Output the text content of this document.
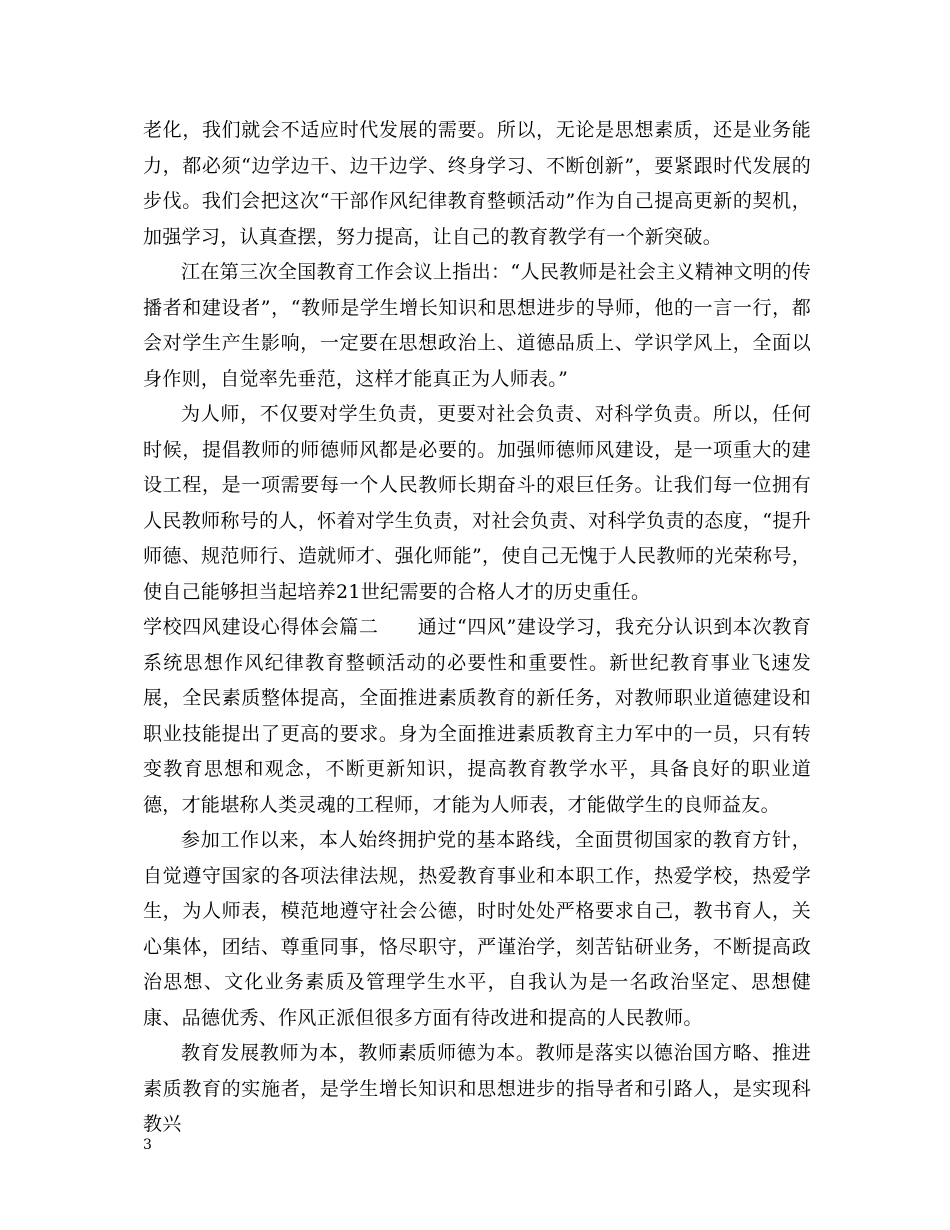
老化，我们就会不适应时代发展的需要。所以，无论是思想素质，还是业务能力，都必须“边学边干、边干边学、终身学习、不断创新”，要紧跟时代发展的步伐。我们会把这次“干部作风纪律教育整顿活动”作为自己提高更新的契机，加强学习，认真查摆，努力提高，让自己的教育教学有一个新突破。

江在第三次全国教育工作会议上指出：“人民教师是社会主义精神文明的传播者和建设者”，“教师是学生增长知识和思想进步的导师，他的一言一行，都会对学生产生影响，一定要在思想政治上、道德品质上、学识学风上，全面以身作则，自觉率先垂范，这样才能真正为人师表。”

为人师，不仅要对学生负责，更要对社会负责、对科学负责。所以，任何时候，提倡教师的师德师风都是必要的。加强师德师风建设，是一项重大的建设工程，是一项需要每一个人民教师长期奋斗的艰巨任务。让我们每一位拥有人民教师称号的人，怀着对学生负责，对社会负责、对科学负责的态度，“提升师德、规范师行、造就师才、强化师能”，使自己无愧于人民教师的光荣称号，使自己能够担当起培养21世纪需要的合格人才的历史重任。

学校四风建设心得体会篇二　　通过“四风”建设学习，我充分认识到本次教育系统思想作风纪律教育整顿活动的必要性和重要性。新世纪教育事业飞速发展，全民素质整体提高，全面推进素质教育的新任务，对教师职业道德建设和职业技能提出了更高的要求。身为全面推进素质教育主力军中的一员，只有转变教育思想和观念，不断更新知识，提高教育教学水平，具备良好的职业道德，才能堪称人类灵魂的工程师，才能为人师表，才能做学生的良师益友。

参加工作以来，本人始终拥护党的基本路线，全面贯彻国家的教育方针，自觉遵守国家的各项法律法规，热爱教育事业和本职工作，热爱学校，热爱学生，为人师表，模范地遵守社会公德，时时处处严格要求自己，教书育人，关心集体，团结、尊重同事，恪尽职守，严谨治学，刻苦钻研业务，不断提高政治思想、文化业务素质及管理学生水平，自我认为是一名政治坚定、思想健康、品德优秀、作风正派但很多方面有待改进和提高的人民教师。

教育发展教师为本，教师素质师德为本。教师是落实以德治国方略、推进素质教育的实施者，是学生增长知识和思想进步的指导者和引路人，是实现科教兴

3
